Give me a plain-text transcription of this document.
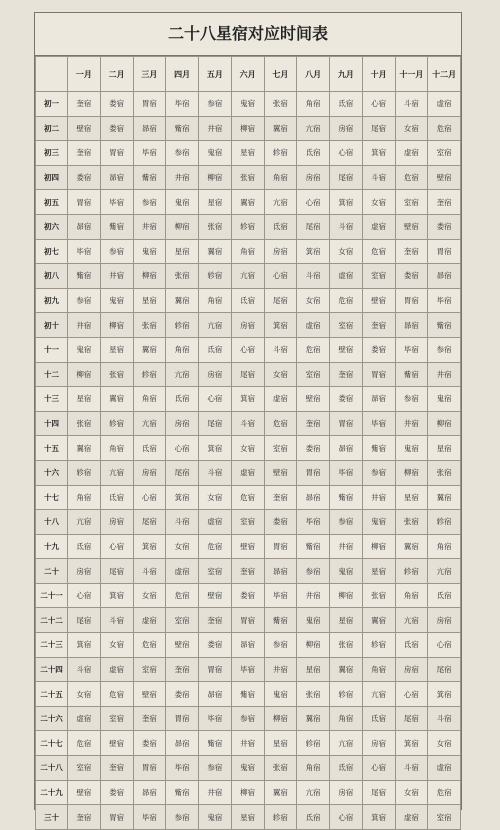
二十八星宿对应时间表
	一月	二月	三月	四月	五月	六月	七月	八月	九月	十月	十一月	十二月
初一	奎宿	娄宿	胃宿	毕宿	参宿	鬼宿	张宿	角宿	氐宿	心宿	斗宿	虚宿
初二	壁宿	娄宿	昴宿	觜宿	井宿	柳宿	翼宿	亢宿	房宿	尾宿	女宿	危宿
初三	奎宿	胃宿	毕宿	参宿	鬼宿	星宿	轸宿	氐宿	心宿	箕宿	虚宿	室宿
初四	娄宿	昴宿	觜宿	井宿	柳宿	张宿	角宿	房宿	尾宿	斗宿	危宿	壁宿
初五	胃宿	毕宿	参宿	鬼宿	星宿	翼宿	亢宿	心宿	箕宿	女宿	室宿	奎宿
初六	昴宿	觜宿	井宿	柳宿	张宿	轸宿	氐宿	尾宿	斗宿	虚宿	壁宿	娄宿
初七	毕宿	参宿	鬼宿	星宿	翼宿	角宿	房宿	箕宿	女宿	危宿	奎宿	胃宿
初八	觜宿	井宿	柳宿	张宿	轸宿	亢宿	心宿	斗宿	虚宿	室宿	娄宿	昴宿
初九	参宿	鬼宿	星宿	翼宿	角宿	氐宿	尾宿	女宿	危宿	壁宿	胃宿	毕宿
初十	井宿	柳宿	张宿	轸宿	亢宿	房宿	箕宿	虚宿	室宿	奎宿	昴宿	觜宿
十一	鬼宿	星宿	翼宿	角宿	氐宿	心宿	斗宿	危宿	壁宿	娄宿	毕宿	参宿
十二	柳宿	张宿	轸宿	亢宿	房宿	尾宿	女宿	室宿	奎宿	胃宿	觜宿	井宿
十三	星宿	翼宿	角宿	氐宿	心宿	箕宿	虚宿	壁宿	娄宿	昴宿	参宿	鬼宿
十四	张宿	轸宿	亢宿	房宿	尾宿	斗宿	危宿	奎宿	胃宿	毕宿	井宿	柳宿
十五	翼宿	角宿	氐宿	心宿	箕宿	女宿	室宿	娄宿	昴宿	觜宿	鬼宿	星宿
十六	轸宿	亢宿	房宿	尾宿	斗宿	虚宿	壁宿	胃宿	毕宿	参宿	柳宿	张宿
十七	角宿	氐宿	心宿	箕宿	女宿	危宿	奎宿	昴宿	觜宿	井宿	星宿	翼宿
十八	亢宿	房宿	尾宿	斗宿	虚宿	室宿	娄宿	毕宿	参宿	鬼宿	张宿	轸宿
十九	氐宿	心宿	箕宿	女宿	危宿	壁宿	胃宿	觜宿	井宿	柳宿	翼宿	角宿
二十	房宿	尾宿	斗宿	虚宿	室宿	奎宿	昴宿	参宿	鬼宿	星宿	轸宿	亢宿
二十一	心宿	箕宿	女宿	危宿	壁宿	娄宿	毕宿	井宿	柳宿	张宿	角宿	氐宿
二十二	尾宿	斗宿	虚宿	室宿	奎宿	胃宿	觜宿	鬼宿	星宿	翼宿	亢宿	房宿
二十三	箕宿	女宿	危宿	壁宿	娄宿	昴宿	参宿	柳宿	张宿	轸宿	氐宿	心宿
二十四	斗宿	虚宿	室宿	奎宿	胃宿	毕宿	井宿	星宿	翼宿	角宿	房宿	尾宿
二十五	女宿	危宿	壁宿	娄宿	昴宿	觜宿	鬼宿	张宿	轸宿	亢宿	心宿	箕宿
二十六	虚宿	室宿	奎宿	胃宿	毕宿	参宿	柳宿	翼宿	角宿	氐宿	尾宿	斗宿
二十七	危宿	壁宿	娄宿	昴宿	觜宿	井宿	星宿	轸宿	亢宿	房宿	箕宿	女宿
二十八	室宿	奎宿	胃宿	毕宿	参宿	鬼宿	张宿	角宿	氐宿	心宿	斗宿	虚宿
二十九	壁宿	娄宿	昴宿	觜宿	井宿	柳宿	翼宿	亢宿	房宿	尾宿	女宿	危宿
三十	奎宿	胃宿	毕宿	参宿	鬼宿	星宿	轸宿	氐宿	心宿	箕宿	虚宿	室宿
